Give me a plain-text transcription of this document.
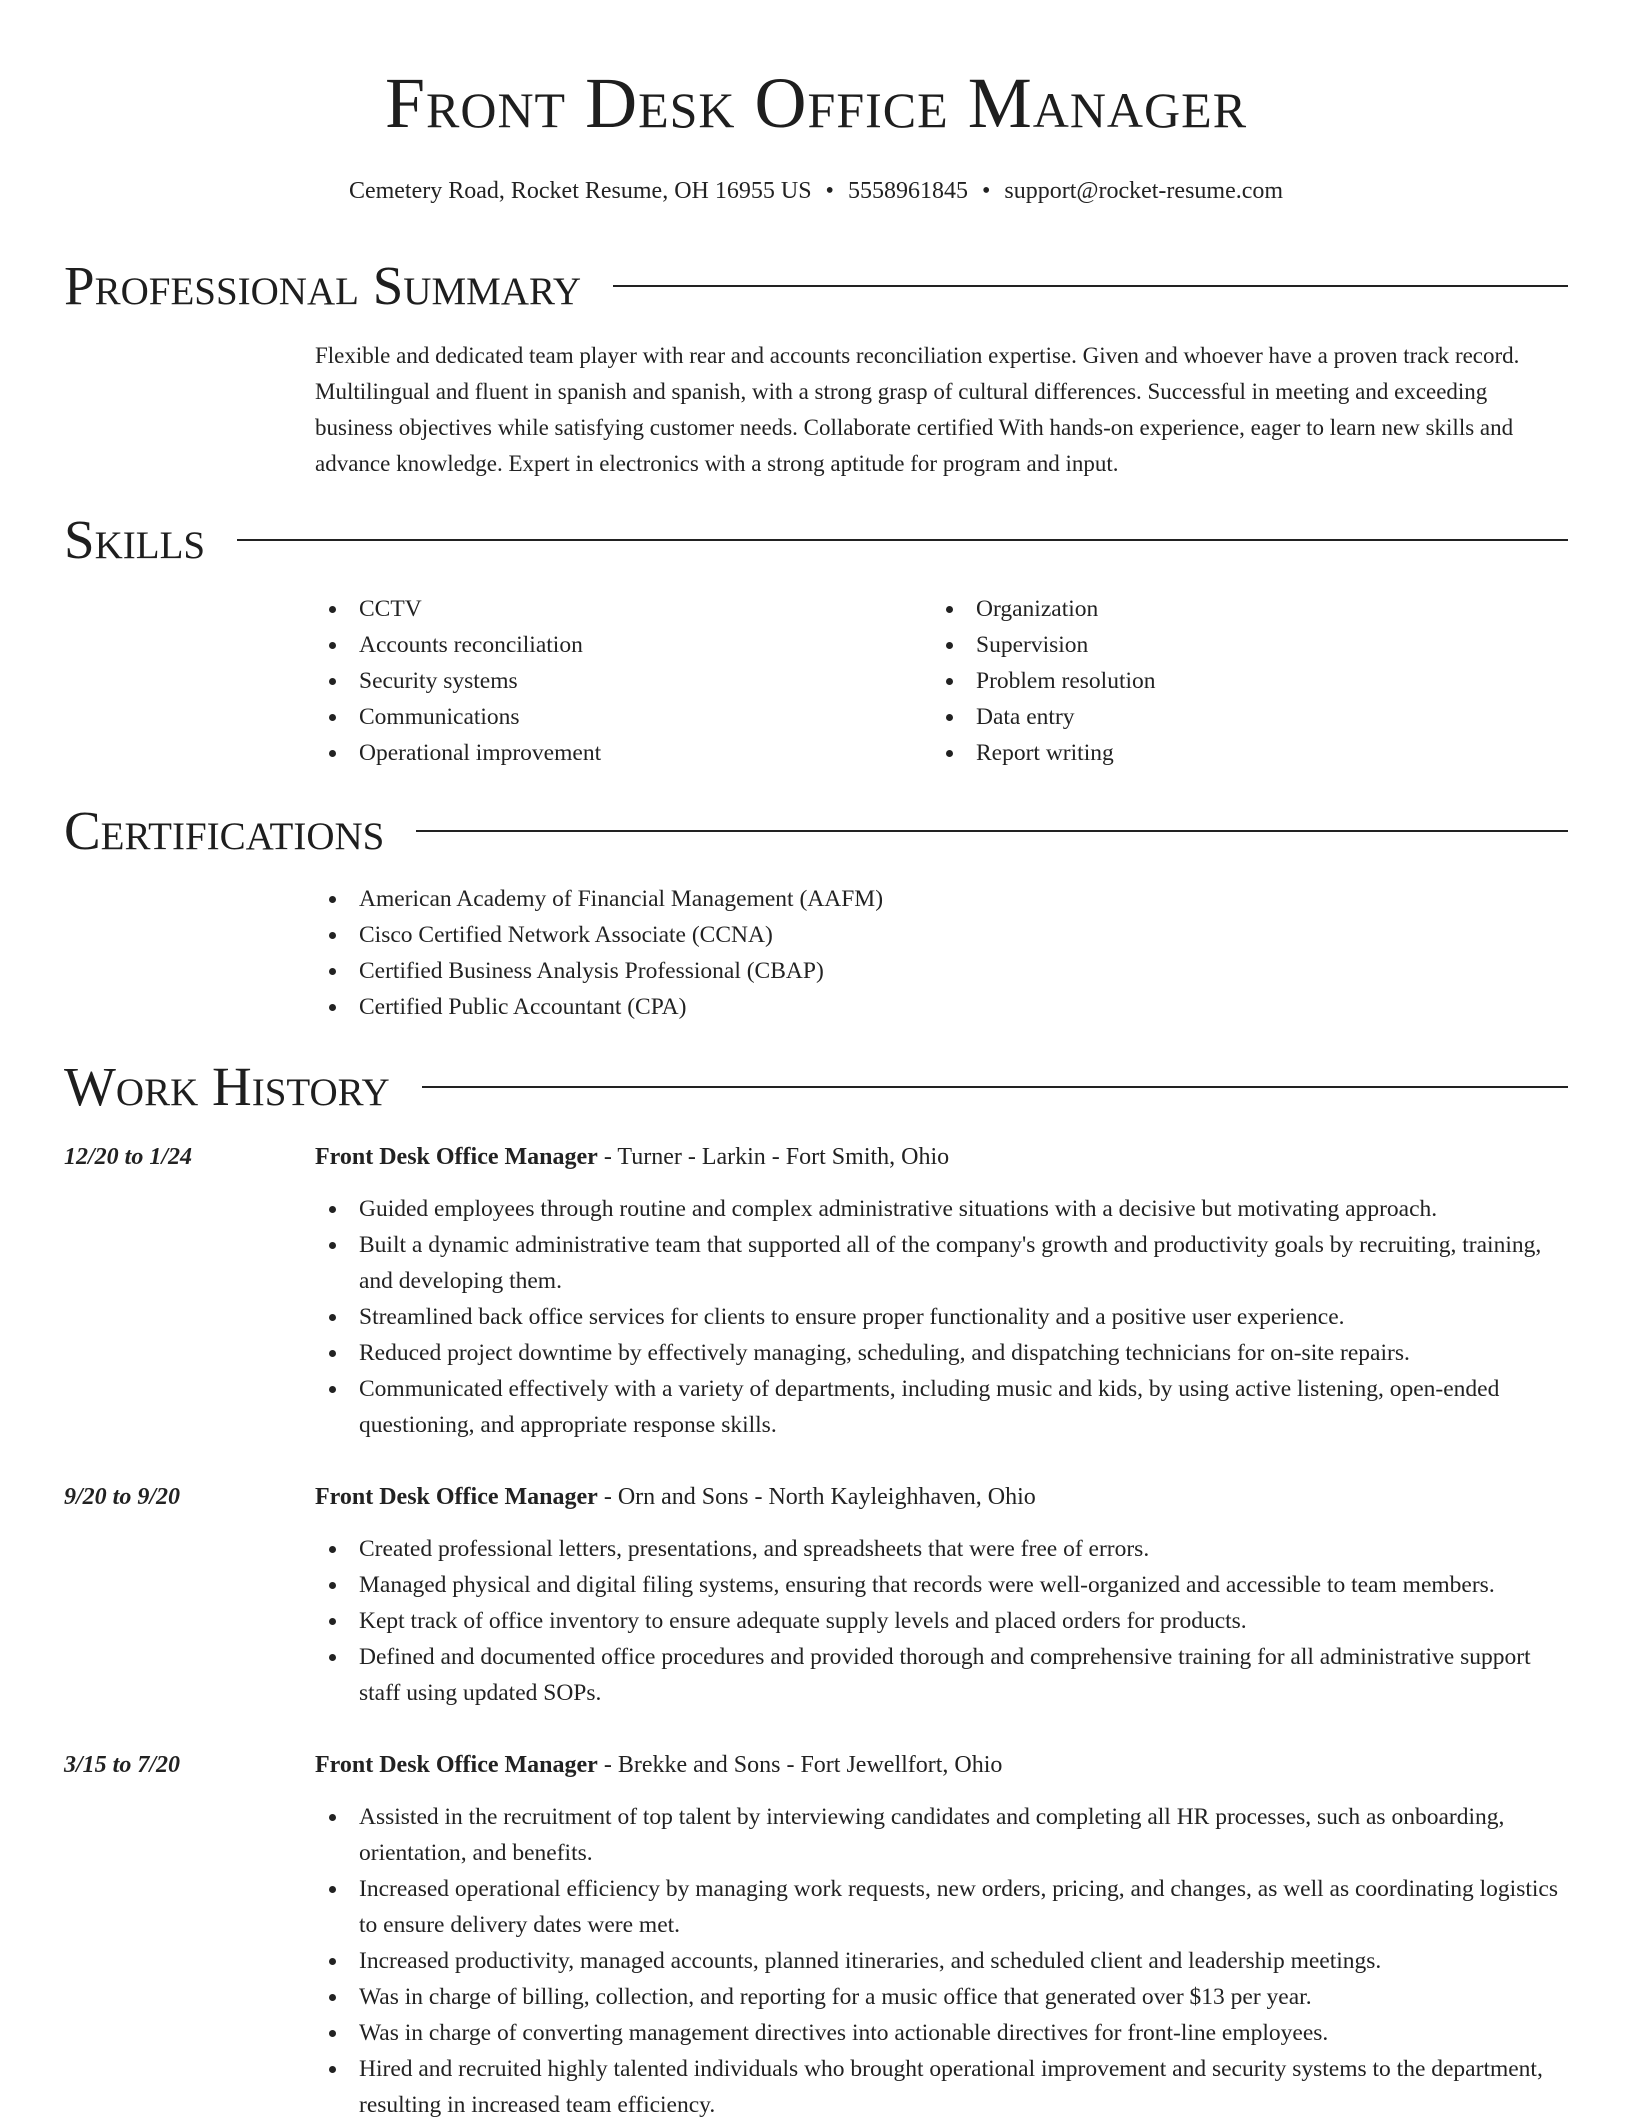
Front Desk Office Manager
Cemetery Road, Rocket Resume, OH 16955 US • 5558961845 • support@rocket-resume.com
Professional Summary

Flexible and dedicated team player with rear and accounts reconciliation expertise. Given and whoever have a proven track record. Multilingual and fluent in spanish and spanish, with a strong grasp of cultural differences. Successful in meeting and exceeding business objectives while satisfying customer needs. Collaborate certified With hands-on experience, eager to learn new skills and advance knowledge. Expert in electronics with a strong aptitude for program and input.

Skills
CCTV
Accounts reconciliation
Security systems
Communications
Operational improvement
Organization
Supervision
Problem resolution
Data entry
Report writing
Certifications
American Academy of Financial Management (AAFM)
Cisco Certified Network Associate (CCNA)
Certified Business Analysis Professional (CBAP)
Certified Public Accountant (CPA)
Work History
12/20 to 1/24	Front Desk Office Manager - Turner - Larkin - Fort Smith, Ohio
Guided employees through routine and complex administrative situations with a decisive but motivating approach.
Built a dynamic administrative team that supported all of the company's growth and productivity goals by recruiting, training, and developing them.
Streamlined back office services for clients to ensure proper functionality and a positive user experience.
Reduced project downtime by effectively managing, scheduling, and dispatching technicians for on-site repairs.
Communicated effectively with a variety of departments, including music and kids, by using active listening, open-ended questioning, and appropriate response skills.
9/20 to 9/20	Front Desk Office Manager - Orn and Sons - North Kayleighhaven, Ohio
Created professional letters, presentations, and spreadsheets that were free of errors.
Managed physical and digital filing systems, ensuring that records were well-organized and accessible to team members.
Kept track of office inventory to ensure adequate supply levels and placed orders for products.
Defined and documented office procedures and provided thorough and comprehensive training for all administrative support staff using updated SOPs.
3/15 to 7/20	Front Desk Office Manager - Brekke and Sons - Fort Jewellfort, Ohio
Assisted in the recruitment of top talent by interviewing candidates and completing all HR processes, such as onboarding, orientation, and benefits.
Increased operational efficiency by managing work requests, new orders, pricing, and changes, as well as coordinating logistics to ensure delivery dates were met.
Increased productivity, managed accounts, planned itineraries, and scheduled client and leadership meetings.
Was in charge of billing, collection, and reporting for a music office that generated over $13 per year.
Was in charge of converting management directives into actionable directives for front-line employees.
Hired and recruited highly talented individuals who brought operational improvement and security systems to the department, resulting in increased team efficiency.
